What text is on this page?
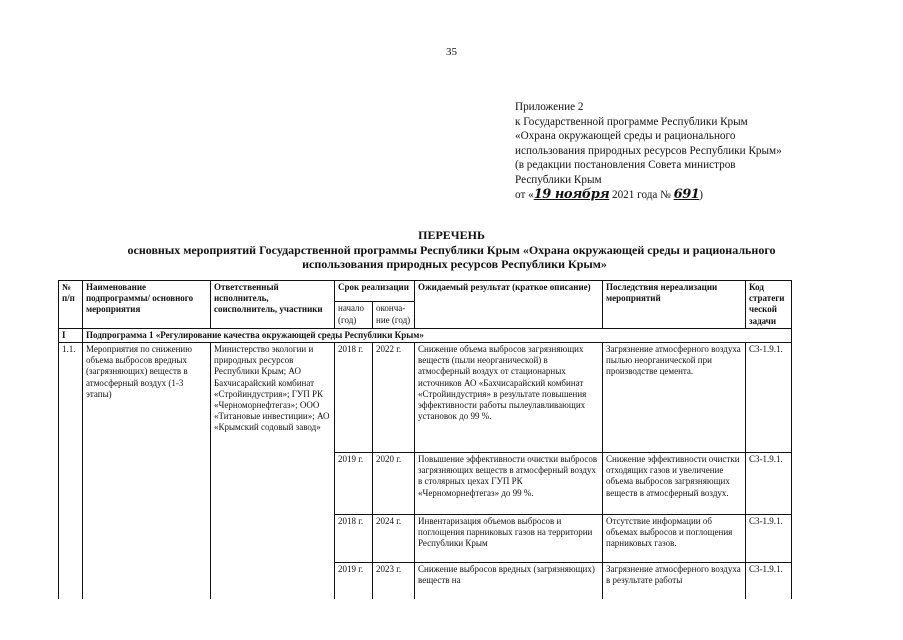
35
Приложение 2
к Государственной программе Республики Крым
«Охрана окружающей среды и рационального
использования природных ресурсов Республики Крым»
(в редакции постановления Совета министров
Республики Крым
от «19 ноября 2021 года № 691)
ПЕРЕЧЕНЬ
основных мероприятий Государственной программы Республики Крым «Охрана окружающей среды и рационального
использования природных ресурсов Республики Крым»
№ п/п	Наименование подпрограммы/ основного мероприятия	Ответственный исполнитель, соисполнитель, участники	Срок реализации		Ожидаемый результат (краткое описание)	Последствия нереализации мероприятий	Код стратеги ческой задачи
			начало (год)	оконча-ние (год)			
I	Подпрограмма 1 «Регулирование качества окружающей среды Республики Крым»						
1.1.	Мероприятия по снижению объема выбросов вредных (загрязняющих) веществ в атмосферный воздух (1-3 этапы)	Министерство экологии и природных ресурсов Республики Крым; АО Бахчисарайский комбинат «Стройиндустрия»; ГУП РК «Черноморнефтегаз»; ООО «Титановые инвестиции»; АО «Крымский содовый завод»	2018 г.	2022 г.	Снижение объема выбросов загрязняющих веществ (пыли неорганической) в атмосферный воздух от стационарных источников АО «Бахчисарайский комбинат «Стройиндустрия» в результате повышения эффективности работы пылеулавливающих установок до 99 %.	Загрязнение атмосферного воздуха пылью неорганической при производстве цемента.	С3-1.9.1.
			2019 г.	2020 г.	Повышение эффективности очистки выбросов загрязняющих веществ в атмосферный воздух в столярных цехах ГУП РК «Черноморнефтегаз» до 99 %.	Снижение эффективности очистки отходящих газов и увеличение объема выбросов загрязняющих веществ в атмосферный воздух.	С3-1.9.1.
			2018 г.	2024 г.	Инвентаризация объемов выбросов и поглощения парниковых газов на территории Республики Крым	Отсутствие информации об объемах выбросов и поглощения парниковых газов.	С3-1.9.1.
			2019 г.	2023 г.	Снижение выбросов вредных (загрязняющих) веществ на	Загрязнение атмосферного воздуха в результате работы	С3-1.9.1.
